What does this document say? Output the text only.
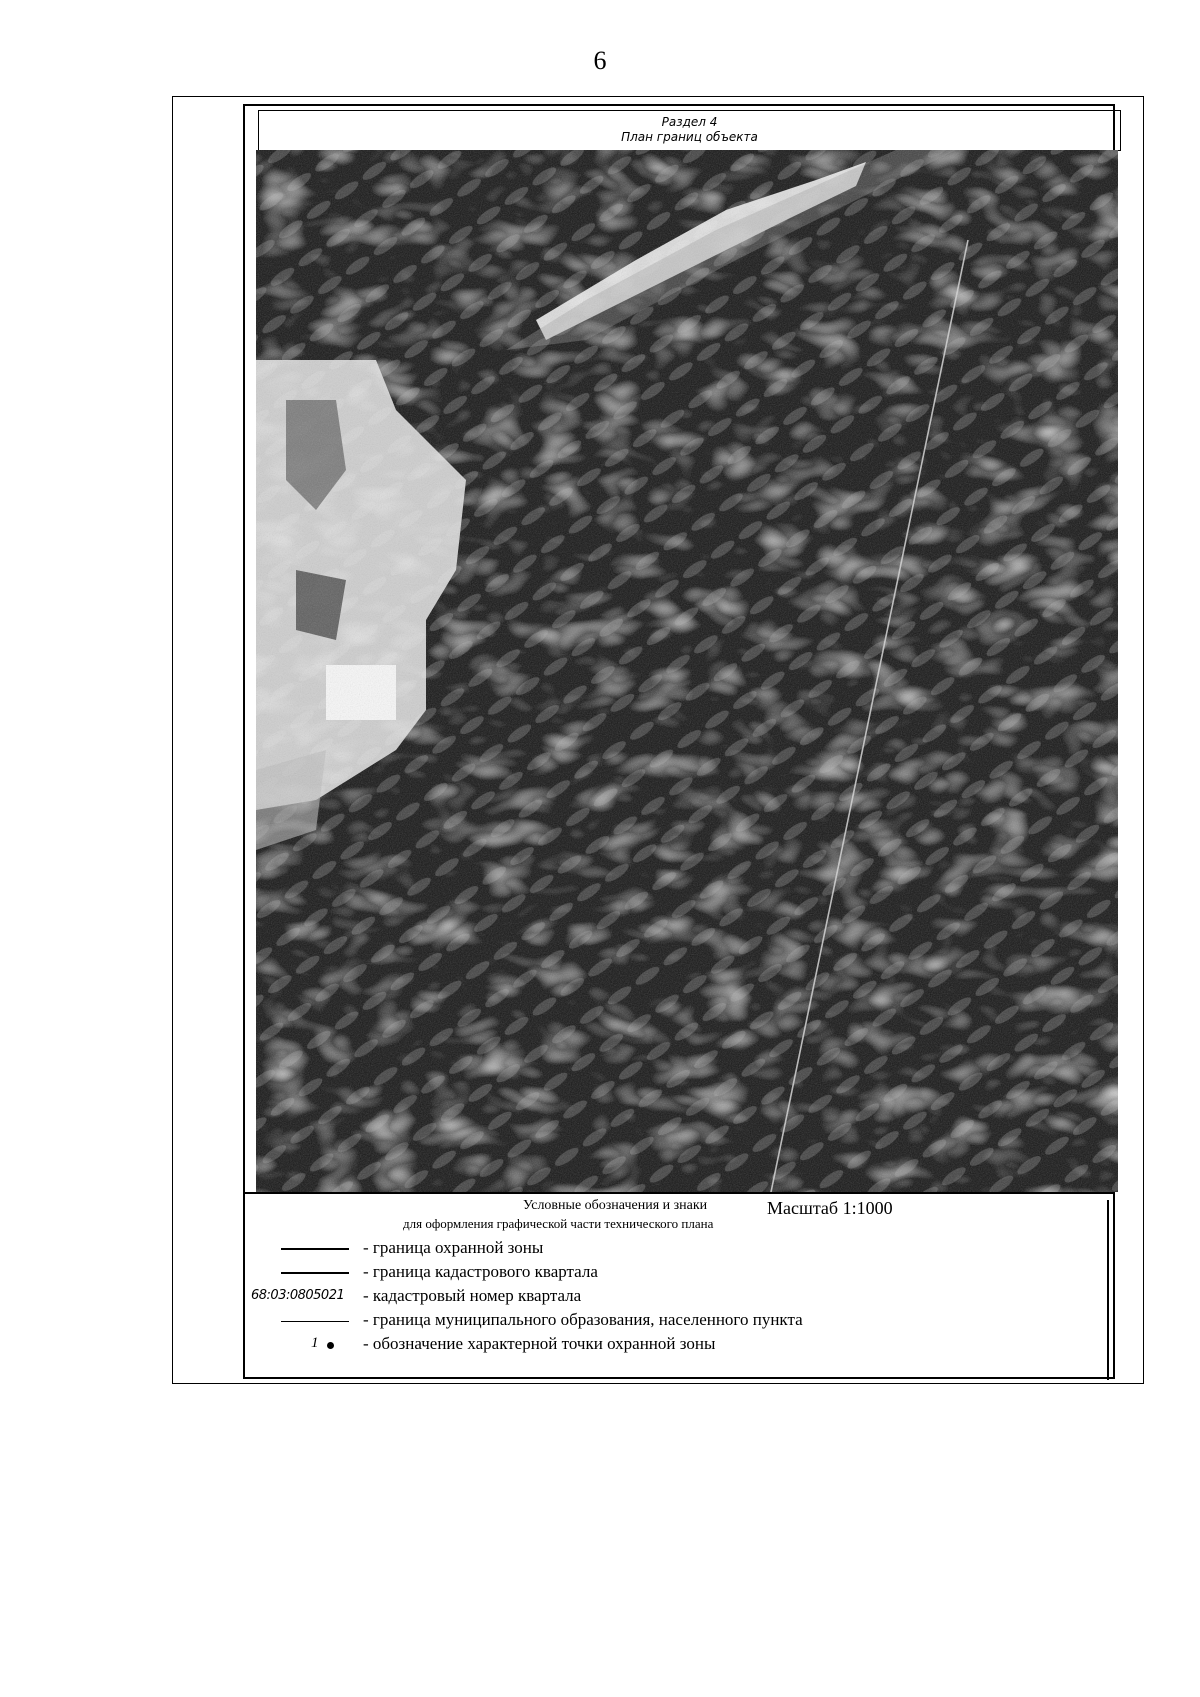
6
Раздел 4
План границ объекта
Условные обозначения и знаки	Масштаб 1:1000
для оформления графической части технического плана
- граница охранной зоны
- граница кадастрового квартала
68:03:0805021 - кадастровый номер квартала
- граница муниципального образования, населенного пункта
1	- обозначение характерной точки охранной зоны
